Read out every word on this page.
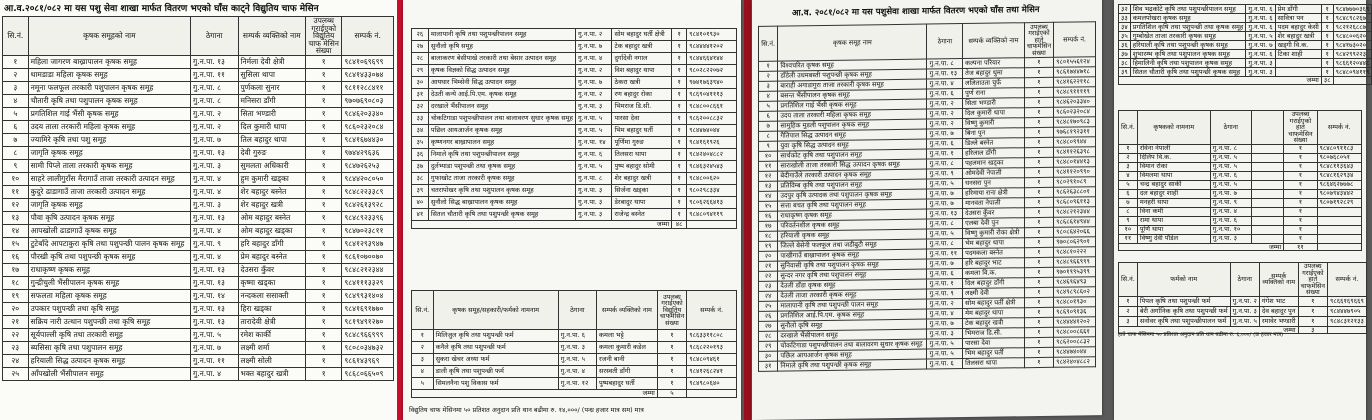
आ.व.२०८१/०८२ मा यस पशु सेवा शाखा मार्फत वितरण भएको घाँस काट्ने विद्युतिय चाफ मेसिन
सि.नं.	कृषक समूहको नाम	ठेगाना	सम्पर्क व्यक्तिको नाम	उपलब्ध गराईएको विद्युतिय चाफ मेसिन संख्या	सम्पर्क नं.
१	महिला जागरण बाख्रापालन कृषक समूह	गु.न.पा. १३	निर्मला देवी क्षेत्री	१	९८४१०६९६९९
२	थामडाडा महिला कृषक समूह	गु.न.पा. ११	सुसिला थापा	१	९८४१४३३०७४
३	नमूना फलफूल तरकारी पशुपालन कृषक समूह	गु.न.पा. ८	पुर्णकला सुनार	१	९८११२८८४११
४	चौतारी कृषि तथा पशुपालन कृषक समूह	गु.न.पा. ८	मनिसरा डाँगी	१	९७०७६९०८०३
५	प्रगतिशिल गाई भैंसी कृषक समूह	गु.न.पा. २	सिता भण्डारी	१	९८४६२०३३४०
६	उदय ताला तरकारी महिला कृषक समूह	गु.न.पा. २	दिल कुमारी थापा	१	९८६०२३२०८४
७	ज्यामिरे कृषि तथा पशु समूह	गु.न.पा. ७	तिल बहादुर थापा	१	९८४१६७४४३०
८	जागृति कृषक समूह	गु.न.पा. १३	देवी गुरुङ	१	९७४४२९६३६
९	सामी पिप्ले ताला तरकारी कृषक समूह	गु.न.पा. ३	सुमलता अधिकारी	१	९८४७२६२५३
१०	साहरे लालीगुराँस मैरागाउँ ताजा तरकारी उत्पादन समूह	गु.न.पा. ४	हुम कुमारी खड्का	१	९८४४२०८०५०
११	कुदुरे ढाडागाउँ ताजा तरकारी उत्पादन समूह	गु.न.पा. ४	शेर बहादुर बस्नेत	१	९८४८२२३३८९
१२	जागृति कृषक समूह	गु.न.पा. ३	शेर बहादुर खत्री	१	९८४२६१३९२८
१३	पौवा कृषि उत्पादन कृषक समूह	गु.न.पा. १३	ओम बहादुर बस्नेत	१	९८४८९२३३९६
१४	आपखोली ढाडागाउँ कृषक समूह	गु.न.पा. ४	ओम बहादुर खड्का	१	९८४७०२३८११
१५	टुटेबाँदे आपटाकुरा कृषि तथा पशुपन्छी पालन कृषक समूह	गु.न.पा. ९	हरि बहादुर डाँगी	१	९८४१२९३९४७
१६	पौरखी कृषि तथा पशुपन्छी कृषक समूह	गु.न.पा. ४	प्रेम बहादुर बस्नेत	१	९८६१०७००७०
१७	राधाकृष्ण कृषक समूह	गु.न.पा. १३	देउसरा कुँवर	१	९८४८२१२३४४
१८	गुन्द्रीचुली भैंसीपालन कृषक समूह	गु.न.पा. १३	कृष्मा खड्का	१	९८४१११३३२९
१९	सफलता महिला कृषक समूह	गु.न.पा. १४	नन्दकला ससाक्ती	१	९८४९९३१४०४
२०	उपकार पशुपन्छी तथा कृषि समूह	गु.न.पा. १३	हिरा खड्का	१	९८४१६९१७७०
२१	सक्रिय नारी उत्थान पशुपन्छी तथा कृषि समूह	गु.न.पा. १३	तारादेवी क्षेत्री	१	९८१९४९१२७०
२२	सूर्यपाल्ली कृषि तथा तरकारी समूह	गु.न.पा. ५	रमेश कार्की	१	९८४८९६६९९९
२३	ब्यसिसा कृषि तथा पशुपालन समूह	गु.न.पा. ७	लक्ष्मी शर्मा	१	९८०८०३४७३२
२४	हरियाली सिद्ध उत्पादन कृषक समूह	गु.न.पा. ११	लक्ष्मी सोली	१	९८६१४३९६९
२५	आँपखोली भैंसीपालन समूह	गु.न.पा. ४	भक्त बहादुर खत्री	१	९८६८०६६५०९
२६	मालापानी कृषि तथा पशुपन्छीपालन समूह	गु.न.पा. २	सोम बहादुर घर्ती क्षेत्री	१	९८४१०१९३०
२७	सुनौलो कृषि समूह	गु.न.पा. ७	टेक बहादुर खत्री	१	९८४४४४१२०२
२८	बालाकरण बेसीपाखे तरकारी तथा बेसार उत्पादन समूह	गु.न.पा. ४	दुर्गादेवी नगाल	१	९८४४६६४१४४
२९	कृषक विज्ञको सिद्ध उत्पादन समूह	गु.न.पा. २	विश बहादुर थापा	१	९८०२८२२०७२
३०	आयघार भिम्सेनी सिद्ध उत्पादन समूह	गु.न.पा. ७	ठेकरा खत्री	१	९७४१७६३९४०
३१	देउती कन्ये आई.पि.एम. कृषक समूह	गु.न.पा. २	रण बहादुर रोका	१	९८६९०४१११३
३२	दरखाले भैंसीपालन समूह	गु.न.पा. ३	भिमराज डि.सी.	१	९८४८००८६६१
३३	चोकटिगाडा पशुपन्छीपालन तथा बालावरण सुधार कृषक समूह	गु.न.पा. ५	पारसा देवा	१	९८६२००८८३२
३४	पछिल आयआर्जन कृषक समूह	गु.न.पा. ५	भिम बहादुर घर्ती	१	९८४४७४०४४
३५	कृष्णनगर बाख्रापालन समूह	गु.न.पा. १४	पूर्णिमा गुरुङ	१	९८४१६१९२६
३६	निमाले कृषि तथा पशुपन्छीपालन समूह	गु.न.पा. ६	तिलसरा थापा	१	९८४२४०४८८२
३७	दुर्लभ्याडा पशुपन्छी तथा कृषक समूह	गु.न.पा. ५	पुष्प बहादुर सोमी	१	९८४६३२४५४३
३८	गुफाखोट ताजा तरकारी कृषक समूह	गु.न.पा. ८	शेर बहादुर खत्री	१	९८४८००६२०
३९	चतरापोखर कृषि तथा पशुपालन कृषक समूह	गु.न.पा. ३	सिर्जना खड्का	१	९८०२९८३३४
४०	सुनौलो सिद्ध बाख्रापालन कृषक समूह	गु.न.पा. ३	डेरबादुर थापा	१	९८०६२६६४१३
४१	सितल चौतारी कृषि तथा पशुपन्छी कृषक समूह	गु.न.पा. ३	राजेन्द्र बस्नेत	१	९८४८०९४११९
जम्मा				४८	
सि.नं.	कृषक समूह/सहकारी/फर्मको नामनाम	ठेगाना	सम्पर्क व्यक्तिको नाम	उपलब्ध गराईएको विद्युतिय चाफमेसिन संख्या	सम्पर्क नं.
१	मिलिजुल कृषि तथा पशुपन्छी फर्म	गु.न.पा. ६	कमला भट्टे	१	९८६३३११८०८
२	कनैले कृषि तथा पशुपन्छी फर्म	गु.न.पा. ३	कमला कुमारी कडेल	१	९८६८२२०१९३
३	सुकरा खेचर अध्या फर्म	गु.न.पा. ५	रजनी बानी	१	९८४८०९४६१
४	डाली कृषि तथा पशुपन्छी फर्म	गु.न.पा. ४	सरस्वती डाँगी	१	९८४१२६८२४१
५	सिमलनैना पशु विकास फर्म	गु.न.पा. १२	पुष्पबहादुर घर्ती	१	९८४९८०६४०
जम्मा				५	
विद्युतिय चाफ मेसिनमा ५० प्रतिशत अनुदान प्रति थान बढीमा रु. १४,०००/ (पन्ध्र हजार मात्र सम) मात्र
आ.व. २०८१/०८२ मा यस पशुसेवा शाखा मार्फत वितरण भएको घाँस तथा मेसिन
सि.नं.	कृषक समूह नाम	ठेगाना	सम्पर्क व्यक्तिको नाम	उपलब्ध गराईएको हाते चाफमेसिन संख्या	सम्पर्क नं.
१	विश्वचरित कृषक समूह	गु.न.पा. ८	कल्पना परियार	१	९८०१५५६१२४
२	डाँडेली उधमबस्ती पशुपन्छी कृषक समूह	गु.न.पा. १३	तेज बहादुर थुमा	१	९८६१७४४७१८
३	बाराही अगाडागुरा ताजा तरकारी कृषक समूह	गु.न.पा. ४	ललिताउता चुर्फे	१	९८४१६२२११८
४	बसन्त भैंसीपालन कृषक समूह	गु.न.पा. ६	पुर्ण राना	१	९८४८९११११९
५	प्रगतिशिल गाई भैंसी कृषक समूह	गु.न.पा. २	सिता भण्डारी	१	९८४६२०३३४०
६	उदय ताला तरकारी महिला कृषक समूह	गु.न.पा. २	दिल कुमारी थापा	१	९८६०२३२०८४
७	सामुहिक मुडली पशुपालन कृषक समूह	गु.न.पा. २	विष्णु कुमारी	१	९८४८१७०९८३
८	गैतिपाल सिद्ध उत्पादन समूह	गु.न.पा. ७	बिना पुन	१	९७६८१९२३११
९	युवा कृषि सिद्ध उत्पादन समूह	गु.न.पा. ६	डिल्ले बस्नेत	१	९८४८०९९४४
१०	सार्थकोट कृषि तथा पशुपालन समूह	गु.न.पा. १	हरिलाल डाँगी	१	९८४११२६३९८
११	साराखोली ताजा तरकारी सिद्ध उत्पादन कृषक समूह	गु.न.पा. ८	पहलमान खड्का	१	९८४८०१४४१३
१२	बेदीगाउँले तरकारी उत्पादन कृषक समूह	गु.न.पा. ९	ओमदेवी नेपाली	१	९८४११२०९९०
१३	प्रतिविम्ब कृषि तथा पशुपालन समूह	गु.न.पा. ५	धनसरा पुन	१	९८०२९१०८९
१४	उदपुर कृषि उत्पादक तथा पशुपालन कृषक समूह	गु.न.पा. ७	हरिमाया राना क्षेत्री	१	९८६२६३८८०१
१५	सत्ता बचत कृषि तथा पशुपालन समूह	गु.न.पा. ७	मानवता नेपाली	१	९८६८०९६११३
१६	राधाकृष्ण कृषक समूह	गु.न.पा. १३	देउसरा कुँवर	१	९८४८२१२३४४
१७	परिवर्तनशील कृषक समूह	गु.न.पा. ८	एलबा देवी पुन	१	९८६८६१४९४४
१८	हरियाली कृषक समूह	गु.न.पा. ५	विष्णु कुमारी रोका क्षेत्री	१	९८०८६४२०६६
१९	जिल्ले बेसेनी फलफूल तथा जडीबुटी समूह	गु.न.पा. ८	भेम बहादुर थापा	१	९७०८०६२९०१
२०	पाखीगाउँ बाख्रापालन कृषक समूह	गु.न.पा. ११	पदमकला बस्नेत	१	९८४८१०२२२
२१	सुनिवासी कृषि तथा पशुपालन कृषक समूह	गु.न.पा. ७	हरि बहादुर भाट	१	९८४८९६६९९९
२२	सुन्दर नगर कृषि तथा पशुपालन समूह	गु.न.पा. ६	कमला वि.क.	१	९७०१९९५३९९
२३	देउली डाँडा कृषक समूह	गु.न.पा. १	दिल बहादुर डाँगी	१	९८४६९६४९३
२४	देउली ताजा तरकारी कृषक समूह	गु.न.पा. ९	लक्ष्मी देवी	१	९८४९८९८६०२
२५	मालापानी कृषि तथा पशुपन्छी पालन समूह	गु.न.पा. २	सोम बहादुर घर्ती क्षेत्री	१	९८४८०१९३०
२६	प्रगतिशिल आई.पि.एम. कृषक समूह	गु.न.पा. ४	मेम बहादुर थापा	१	९८६९०९१३६
२७	सुनौलो कृषि समूह	गु.न.पा. ७	टेक बहादुर खत्री	१	९८४४४४१२०२
२८	दरखाले भैंसीपालन समूह	गु.न.पा. ३	भिमराज डि.सी.	१	९८४८००८६६१
२९	चोकटिगाडा पशुपन्छीपालन तथा बालावरण सुधार कृषक समूह	गु.न.पा. ५	पारसा देवा	१	९८६२००८८३२
३०	पछिल आयआर्जन कृषक समूह	गु.न.पा. ५	भिम बहादुर घर्ती	१	९८४४७४०४४
३१	निमाले कृषि तथा पशुपन्छी कृषक समूह	गु.न.पा. ६	तिलसरा थापा	१	९८४२४०४८८२
३२	शिव भद्रकोटे कृषि तथा पशुपन्छीपालन समूह	गु.न.पा. ६	प्रेम डाँगी	१	९८४७७७०३६९
३३	कमलपोखरा कृषक समूह	गु.न.पा. ६	सावित्रा पन	१	९८४८९८२६७
३४	प्रगतिशिल कृषि तथा पशुपन्छी तथा कृषक समूह	गु.न.पा. ६	पदम बहादुर केसी	१	९८२१२६८८७
३५	गुम्बोखेत ताजा तरकारी कृषक समूह	गु.न.पा. ५	शेर बहादुर खत्री	१	९८४८००६२०
३६	हरियाली कृषि तथा पशुपन्छी कृषक समूह	गु.न.पा. ७	खड्गी वि.क.	१	९८४१७३०२०
३७	शुभारम्भ कृषि तथा पशुपालन कृषक समूह	गु.न.पा. ६	टिका शाही	१	९८४२९९२२३
३८	हिमालिनी कृषि तथा पशुपालन कृषक समूह	गु.न.पा. ३		१	९८६६१२०४४८
३९	सितल चौतारी कृषि तथा पशुपन्छी कृषक समूह	गु.न.पा. ३		१	९८४८०९४११९
जम्मा				३८	
सि.नं.	कृषकको नामनाम	ठेगाना		उपलब्ध गराईएको हाते चाफमेसिन संख्या	सम्पर्क नं.
१	रविना नेपाली	गु.न.पा. ८		१	९८४८०९११८३
२	दिलिप वि.क.	गु.न.पा. ५		१	९८०७६८०५१
३	विमान रोका	गु.न.पा. ५		१	९८४८११३६४३
४	विमलमा थापा	गु.न.पा. ६		१	९८४८१६२९३४
५	चन्द्र बहादुर सार्की	गु.न.पा. ५		१	९८६४६२७७७८
६	दल बहादुर शाही	गु.न.पा. ७		१	९८०७९४३४४२
७	मनहरी थापा	गु.न.पा. ९		१	९८०७१९२८२९
८	विना कर्मी	गु.न.पा. ४		१	
९	रामा थापा	गु.न.पा. ६		१	
१०	पूर्णि थापा	गु.न.पा. १०		१	
११	विष्णु देवी पौडेल	गु.न.पा. ३		१	
जम्मा				११	
सि.नं.	फर्मको नाम	ठेगाना	सम्पर्क व्यक्तिको नाम	उपलब्ध गराईएको हाते चाफमेसिन संख्या	सम्पर्क नं.
१	पिपल कृषि तथा पशुपन्छी फर्म	गु.न.पा. २	गंगेश भाट	१	९८६६१६९६६९
२	बेरी अर्गानिक कृषि तथा पशुपन्छी फर्म	गु.न.पा. ३	देव बहादुर पुन	१	९८४४४७९०५
३	सनोवर कृषि तथा पशुपन्छीपालन फर्म	गु.न.पा. ५	रमावेर भण्डारी	१	९८४८३१२१३३
जम्मा				३	
हाते चाफ मेसिनमा ५० प्रतिशत अनुदान प्रति थान बढीमा रु. ६,०००/ (छ हजार मात्र)
